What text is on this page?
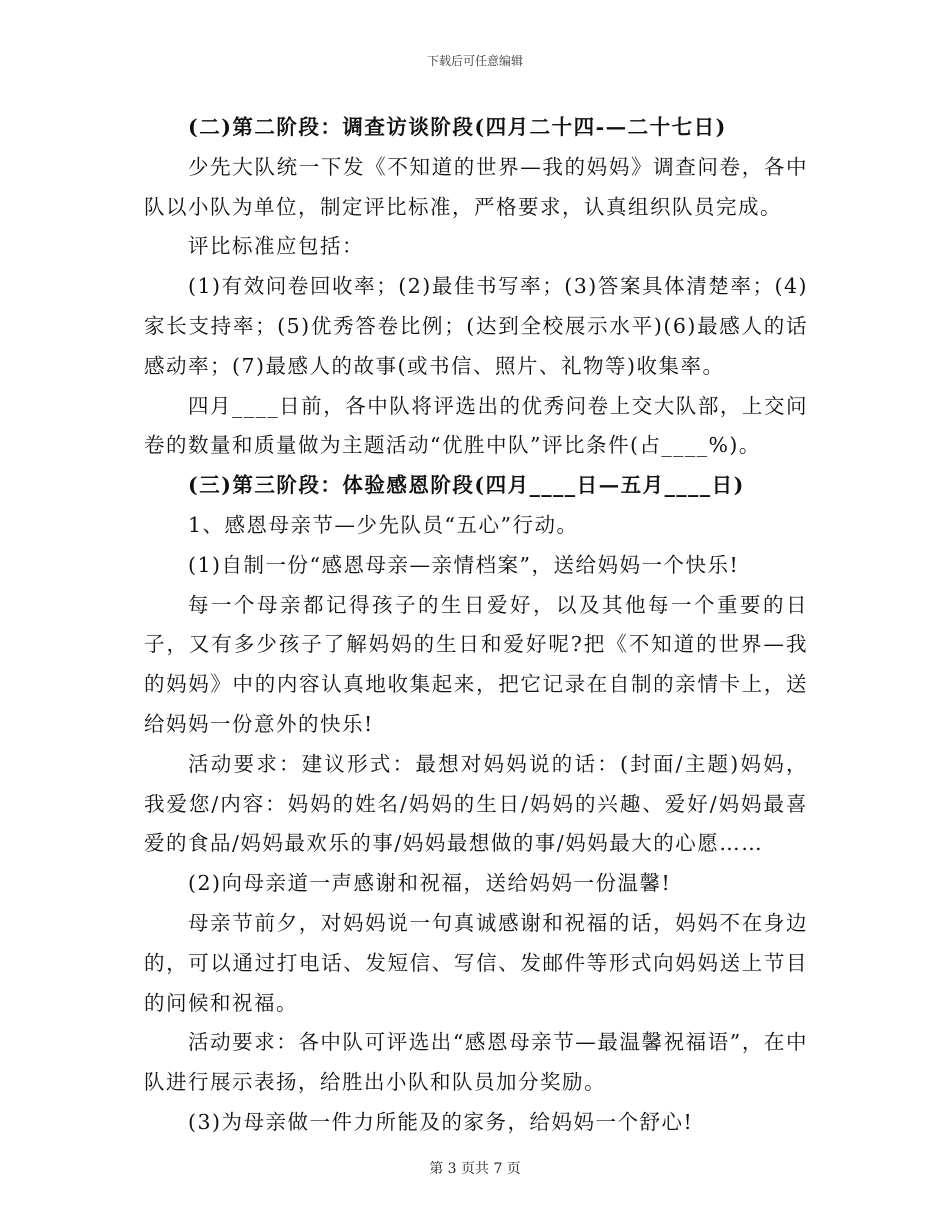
下载后可任意编辑

(二)第二阶段：调查访谈阶段(四月二十四-—二十七日)

少先大队统一下发《不知道的世界—我的妈妈》调查问卷，各中队以小队为单位，制定评比标准，严格要求，认真组织队员完成。

评比标准应包括：

(1)有效问卷回收率；(2)最佳书写率；(3)答案具体清楚率；(4)家长支持率；(5)优秀答卷比例；(达到全校展示水平)(6)最感人的话感动率；(7)最感人的故事(或书信、照片、礼物等)收集率。

四月____日前，各中队将评选出的优秀问卷上交大队部，上交问卷的数量和质量做为主题活动“优胜中队”评比条件(占____%)。

(三)第三阶段：体验感恩阶段(四月____日—五月____日)

1、感恩母亲节—少先队员“五心”行动。

(1)自制一份“感恩母亲—亲情档案”，送给妈妈一个快乐!

每一个母亲都记得孩子的生日爱好，以及其他每一个重要的日子，又有多少孩子了解妈妈的生日和爱好呢?把《不知道的世界—我的妈妈》中的内容认真地收集起来，把它记录在自制的亲情卡上，送给妈妈一份意外的快乐!

活动要求：建议形式：最想对妈妈说的话：(封面/主题)妈妈，我爱您/内容：妈妈的姓名/妈妈的生日/妈妈的兴趣、爱好/妈妈最喜爱的食品/妈妈最欢乐的事/妈妈最想做的事/妈妈最大的心愿……

(2)向母亲道一声感谢和祝福，送给妈妈一份温馨!

母亲节前夕，对妈妈说一句真诚感谢和祝福的话，妈妈不在身边的，可以通过打电话、发短信、写信、发邮件等形式向妈妈送上节目的问候和祝福。

活动要求：各中队可评选出“感恩母亲节—最温馨祝福语”，在中队进行展示表扬，给胜出小队和队员加分奖励。

(3)为母亲做一件力所能及的家务，给妈妈一个舒心!

第 3 页共 7 页
